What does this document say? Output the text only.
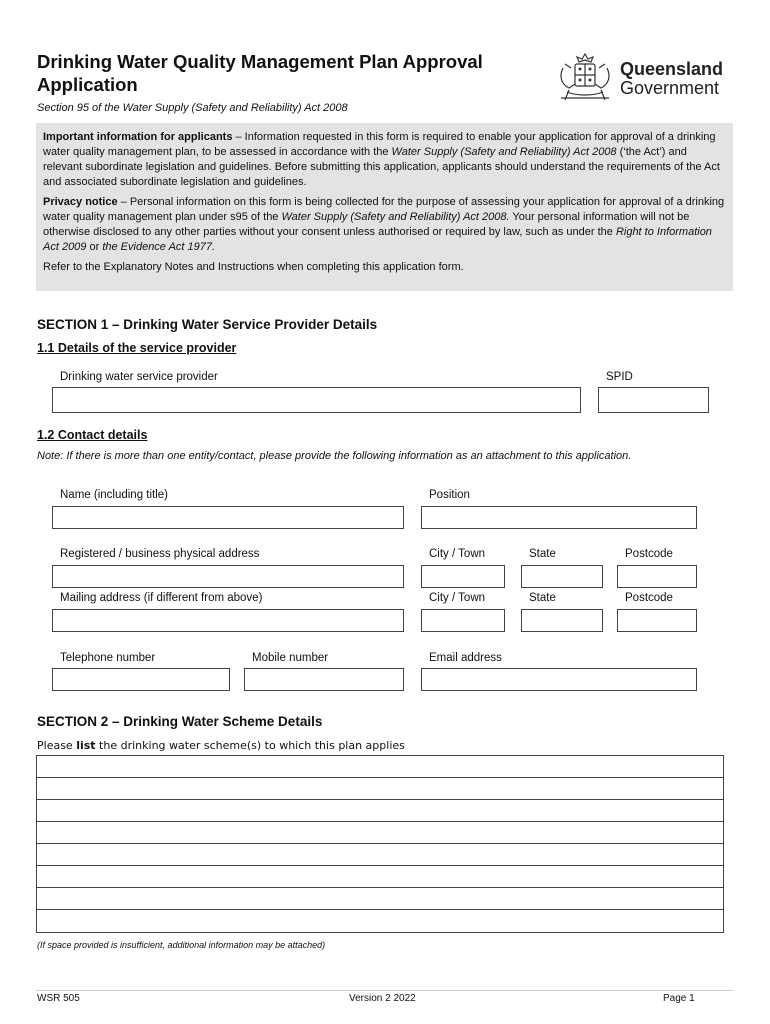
Drinking Water Quality Management Plan Approval Application
Section 95 of the Water Supply (Safety and Reliability) Act 2008
Queensland
Government

Important information for applicants – Information requested in this form is required to enable your application for approval of a drinking water quality management plan, to be assessed in accordance with the Water Supply (Safety and Reliability) Act 2008 (‘the Act’) and relevant subordinate legislation and guidelines. Before submitting this application, applicants should understand the requirements of the Act and associated subordinate legislation and guidelines.

Privacy notice – Personal information on this form is being collected for the purpose of assessing your application for approval of a drinking water quality management plan under s95 of the Water Supply (Safety and Reliability) Act 2008. Your personal information will not be otherwise disclosed to any other parties without your consent unless authorised or required by law, such as under the Right to Information Act 2009 or the Evidence Act 1977.

Refer to the Explanatory Notes and Instructions when completing this application form.

SECTION 1 – Drinking Water Service Provider Details
1.1 Details of the service provider
Drinking water service provider	SPID
1.2 Contact details
Note: If there is more than one entity/contact, please provide the following information as an attachment to this application.
Name (including title)	Position
Registered / business physical address	City / Town	State	Postcode
Mailing address (if different from above)	City / Town	State	Postcode
Telephone number	Mobile number	Email address
SECTION 2 – Drinking Water Scheme Details
Please list the drinking water scheme(s) to which this plan applies
(If space provided is insufficient, additional information may be attached)
WSR 505	Version 2 2022	Page 1
